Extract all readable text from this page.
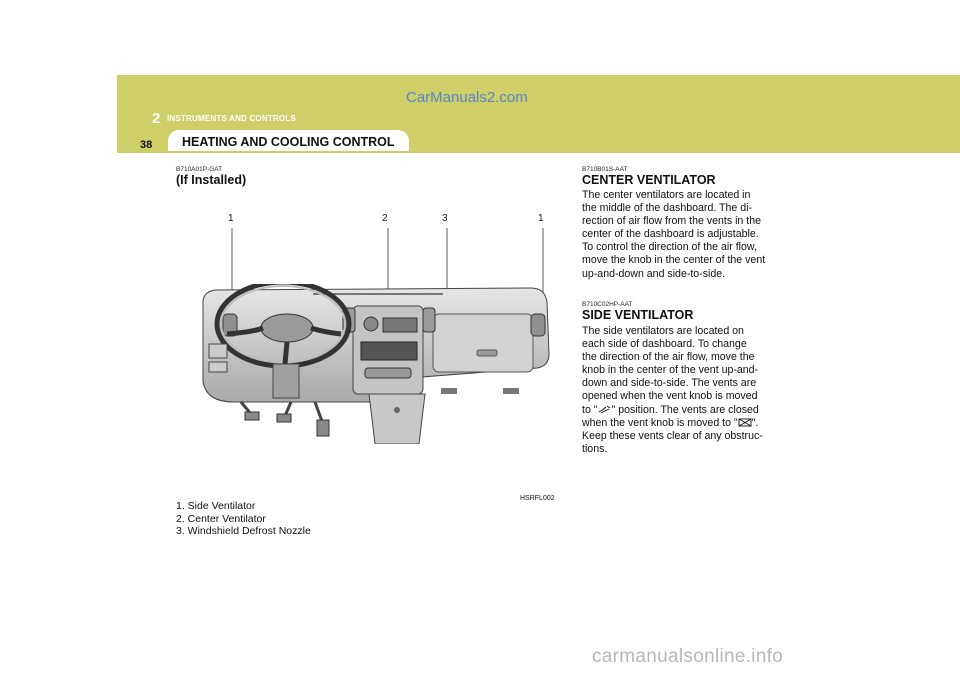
CarManuals2.com
2 INSTRUMENTS AND CONTROLS
38	HEATING AND COOLING CONTROL
B710A01P-GAT
(If Installed)
1	2	3	1
HSRFL002
1. Side Ventilator
2. Center Ventilator
3. Windshield Defrost Nozzle
B710B01S-AAT
CENTER VENTILATOR
The center ventilators are located in
the middle of the dashboard. The di-
rection of air flow from the vents in the
center of the dashboard is adjustable.
To control the direction of the air flow,
move the knob in the center of the vent
up-and-down and side-to-side.
B710C02HP-AAT
SIDE VENTILATOR
The side ventilators are located on
each side of dashboard. To change
the direction of the air flow, move the
knob in the center of the vent up-and-
down and side-to-side. The vents are
opened when the vent knob is moved
to " " position. The vents are closed
when the vent knob is moved to " ".
Keep these vents clear of any obstruc-
tions.
carmanualsonline.info
